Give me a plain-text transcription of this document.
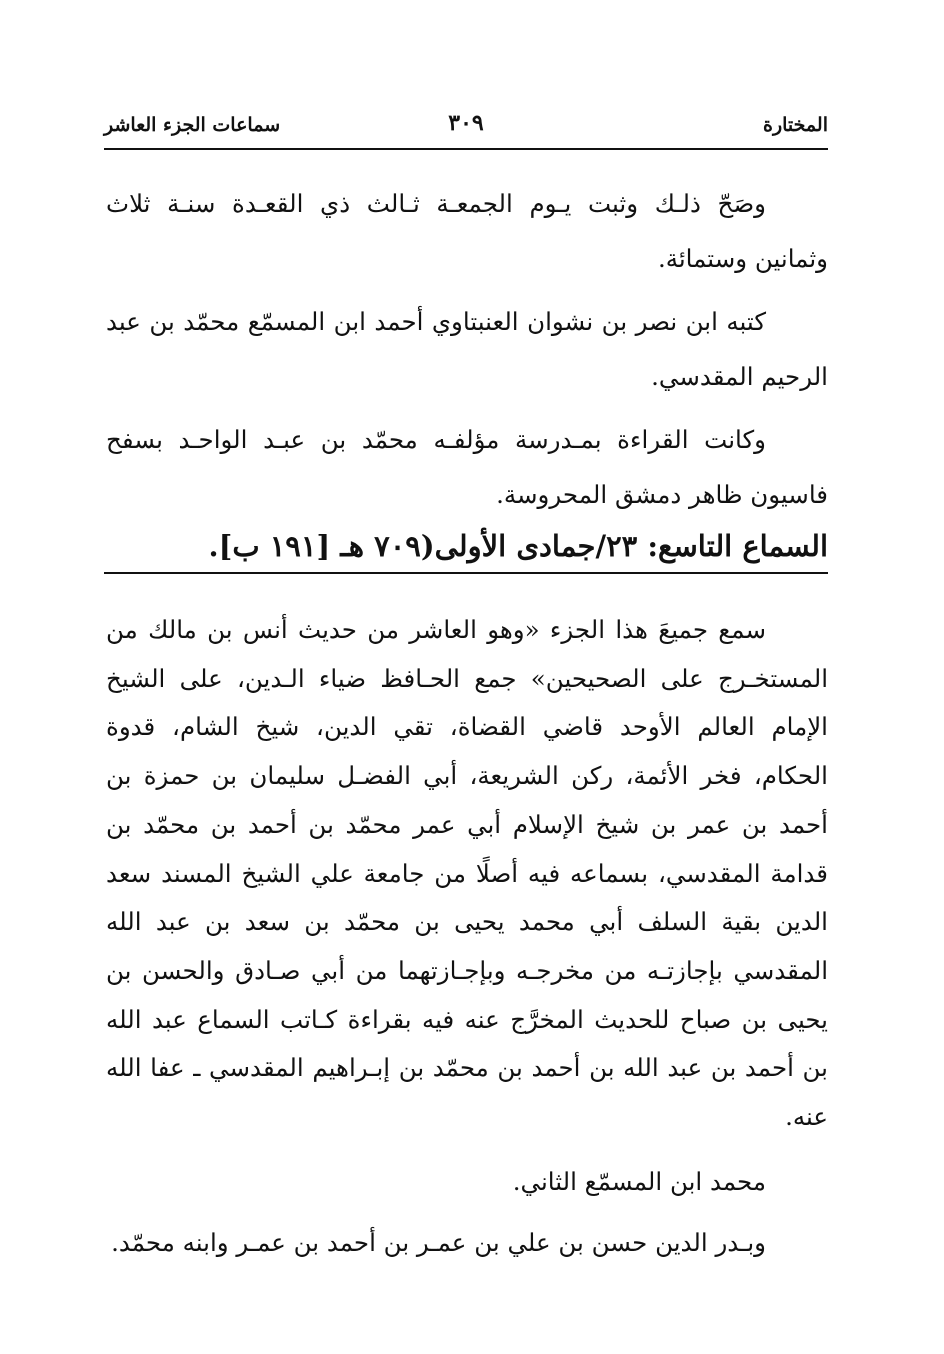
المختارة
٣٠٩
سماعات الجزء العاشر

وصَحّ ذلـك وثبت يـوم الجمعـة ثـالث ذي القعـدة سنـة ثلاث وثمانين وستمائة.

كتبه ابن نصر بن نشوان العنبتاوي أحمد ابن المسمّع محمّد بن عبد الرحيم المقدسي.

وكانت القراءة بمـدرسة مؤلفـه محمّد بن عبـد الواحـد بسفح فاسيون ظاهر دمشق المحروسة.

السماع التاسع: ٢٣/جمادى الأولى(٧٠٩ هـ [١٩١ ب].

سمع جميعَ هذا الجزء «وهو العاشر من حديث أنس بن مالك من المستخـرج على الصحيحين» جمع الحـافظ ضياء الـدين، على الشيخ الإمام العالم الأوحد قاضي القضاة، تقي الدين، شيخ الشام، قدوة الحكام، فخر الأئمة، ركن الشريعة، أبي الفضـل سليمان بن حمزة بن أحمد بن عمر بن شيخ الإسلام أبي عمر محمّد بن أحمد بن محمّد بن قدامة المقدسي، بسماعه فيه أصلًا من جامعة علي الشيخ المسند سعد الدين بقية السلف أبي محمد يحيى بن محمّد بن سعد بن عبد الله المقدسي بإجازتـه من مخرجـه وبإجـازتهما من أبي صـادق والحسن بن يحيى بن صباح للحديث المخرَّج عنه فيه بقراءة كـاتب السماع عبد الله بن أحمد بن عبد الله بن أحمد بن محمّد بن إبـراهيم المقدسي ـ عفا الله عنه.

محمد ابن المسمّع الثاني.

وبـدر الدين حسن بن علي بن عمـر بن أحمد بن عمـر وابنه محمّد.
